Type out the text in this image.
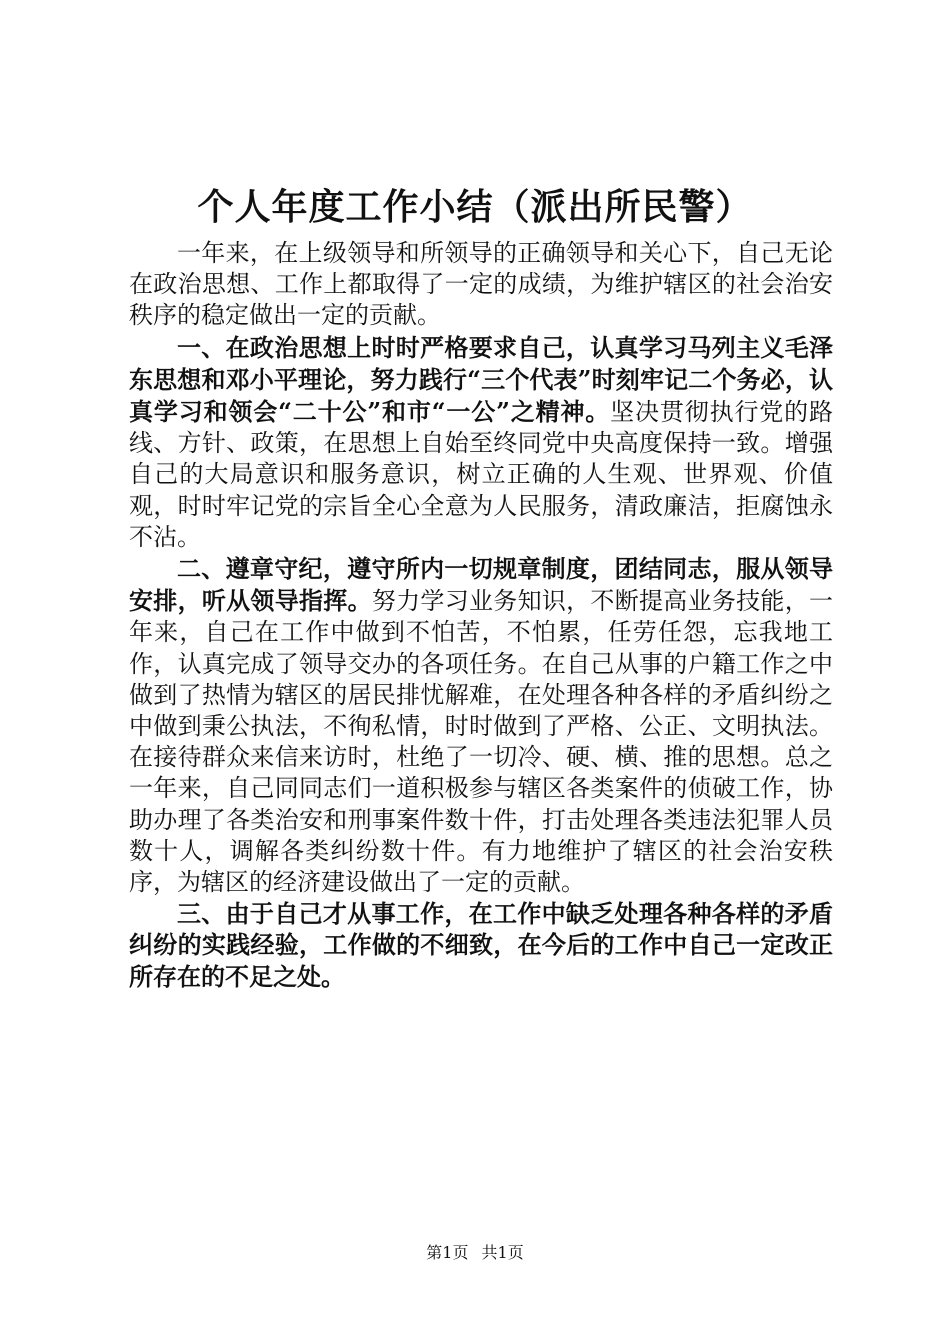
个人年度工作小结（派出所民警）

一年来，在上级领导和所领导的正确领导和关心下，自己无论在政治思想、工作上都取得了一定的成绩，为维护辖区的社会治安秩序的稳定做出一定的贡献。

一、在政治思想上时时严格要求自己，认真学习马列主义毛泽东思想和邓小平理论，努力践行“三个代表”时刻牢记二个务必，认真学习和领会“二十公”和市“一公”之精神。坚决贯彻执行党的路线、方针、政策，在思想上自始至终同党中央高度保持一致。增强自己的大局意识和服务意识，树立正确的人生观、世界观、价值观，时时牢记党的宗旨全心全意为人民服务，清政廉洁，拒腐蚀永不沾。

二、遵章守纪，遵守所内一切规章制度，团结同志，服从领导安排，听从领导指挥。努力学习业务知识，不断提高业务技能，一年来，自己在工作中做到不怕苦，不怕累，任劳任怨，忘我地工作，认真完成了领导交办的各项任务。在自己从事的户籍工作之中做到了热情为辖区的居民排忧解难，在处理各种各样的矛盾纠纷之中做到秉公执法，不徇私情，时时做到了严格、公正、文明执法。在接待群众来信来访时，杜绝了一切冷、硬、横、推的思想。总之一年来，自己同同志们一道积极参与辖区各类案件的侦破工作，协助办理了各类治安和刑事案件数十件，打击处理各类违法犯罪人员数十人，调解各类纠纷数十件。有力地维护了辖区的社会治安秩序，为辖区的经济建设做出了一定的贡献。

三、由于自己才从事工作，在工作中缺乏处理各种各样的矛盾纠纷的实践经验，工作做的不细致，在今后的工作中自己一定改正所存在的不足之处。

第1页 共1页
